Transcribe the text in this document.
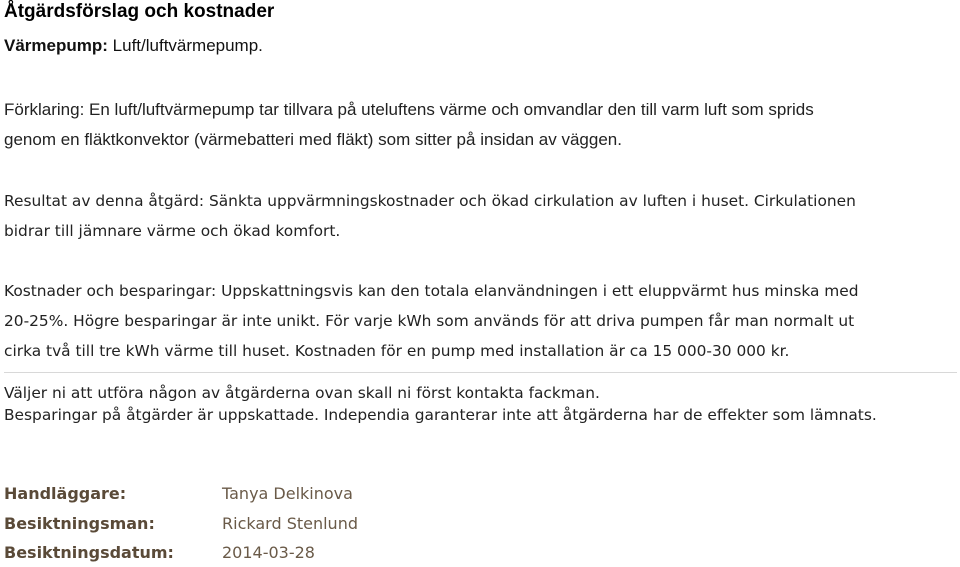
Åtgärdsförslag och kostnader
Värmepump: Luft/luftvärmepump.
Förklaring: En luft/luftvärmepump tar tillvara på uteluftens värme och omvandlar den till varm luft som sprids
genom en fläktkonvektor (värmebatteri med fläkt) som sitter på insidan av väggen.
Resultat av denna åtgärd: Sänkta uppvärmningskostnader och ökad cirkulation av luften i huset. Cirkulationen
bidrar till jämnare värme och ökad komfort.
Kostnader och besparingar: Uppskattningsvis kan den totala elanvändningen i ett eluppvärmt hus minska med
20-25%. Högre besparingar är inte unikt. För varje kWh som används för att driva pumpen får man normalt ut
cirka två till tre kWh värme till huset. Kostnaden för en pump med installation är ca 15 000-30 000 kr.
Väljer ni att utföra någon av åtgärderna ovan skall ni först kontakta fackman.
Besparingar på åtgärder är uppskattade. Independia garanterar inte att åtgärderna har de effekter som lämnats.
Handläggare:	Tanya Delkinova
Besiktningsman:	Rickard Stenlund
Besiktningsdatum:	2014-03-28
